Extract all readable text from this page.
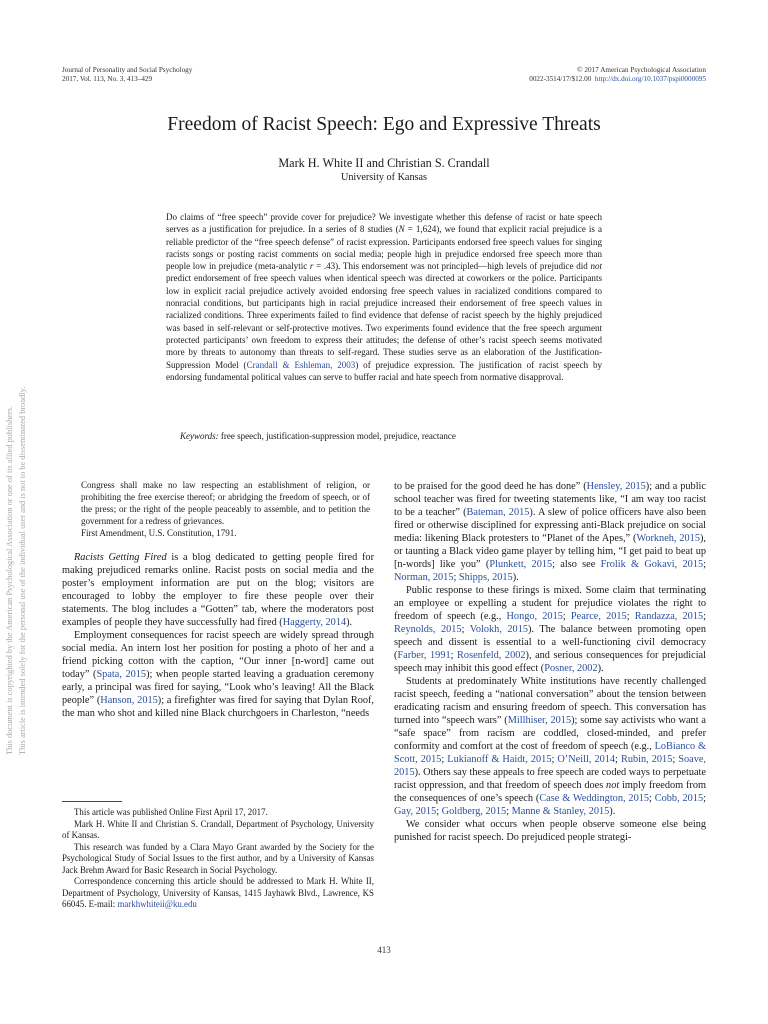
Journal of Personality and Social Psychology
2017, Vol. 113, No. 3, 413–429
© 2017 American Psychological Association
0022-3514/17/$12.00 http://dx.doi.org/10.1037/pspi0000095
Freedom of Racist Speech: Ego and Expressive Threats
Mark H. White II and Christian S. Crandall
University of Kansas
Do claims of “free speech” provide cover for prejudice? We investigate whether this defense of racist or hate speech serves as a justification for prejudice. In a series of 8 studies (N = 1,624), we found that explicit racial prejudice is a reliable predictor of the “free speech defense” of racist expression. Participants endorsed free speech values for singing racists songs or posting racist comments on social media; people high in prejudice endorsed free speech more than people low in prejudice (meta-analytic r = .43). This endorsement was not principled—high levels of prejudice did not predict endorsement of free speech values when identical speech was directed at coworkers or the police. Participants low in explicit racial prejudice actively avoided endorsing free speech values in racialized conditions compared to nonracial conditions, but participants high in racial prejudice increased their endorsement of free speech values in racialized conditions. Three experiments failed to find evidence that defense of racist speech by the highly prejudiced was based in self-relevant or self-protective motives. Two experiments found evidence that the free speech argument protected participants’ own freedom to express their attitudes; the defense of other’s racist speech seems motivated more by threats to autonomy than threats to self-regard. These studies serve as an elaboration of the Justification-Suppression Model (Crandall & Eshleman, 2003) of prejudice expression. The justification of racist speech by endorsing fundamental political values can serve to buffer racial and hate speech from normative disapproval.
Keywords: free speech, justification-suppression model, prejudice, reactance
This document is copyrighted by the American Psychological Association or one of its allied publishers. This article is intended solely for the personal use of the individual user and is not to be disseminated broadly.	Congress shall make no law respecting an establishment of religion, or prohibiting the free exercise thereof; or abridging the freedom of speech, or of the press; or the right of the people peaceably to assemble, and to petition the government for a redress of grievances.
First Amendment, U.S. Constitution, 1791.

Racists Getting Fired is a blog dedicated to getting people fired for making prejudiced remarks online. Racist posts on social media and the poster’s employment information are put on the blog; visitors are encouraged to lobby the employer to fire these people over their statements. The blog includes a “Gotten” tab, where the moderators post examples of people they have successfully had fired (Haggerty, 2014).

Employment consequences for racist speech are widely spread through social media. An intern lost her position for posting a photo of her and a friend picking cotton with the caption, “Our inner [n-word] came out today” (Spata, 2015); when people started leaving a graduation ceremony early, a principal was fired for saying, “Look who’s leaving! All the Black people” (Hanson, 2015); a firefighter was fired for saying that Dylan Roof, the man who shot and killed nine Black churchgoers in Charleston, “needs

This article was published Online First April 17, 2017.

Mark H. White II and Christian S. Crandall, Department of Psychology, University of Kansas.

This research was funded by a Clara Mayo Grant awarded by the Society for the Psychological Study of Social Issues to the first author, and by a University of Kansas Jack Brehm Award for Basic Research in Social Psychology.

Correspondence concerning this article should be addressed to Mark H. White II, Department of Psychology, University of Kansas, 1415 Jayhawk Blvd., Lawrence, KS 66045. E-mail: markhwhiteii@ku.edu

to be praised for the good deed he has done” (Hensley, 2015); and a public school teacher was fired for tweeting statements like, “I am way too racist to be a teacher” (Bateman, 2015). A slew of police officers have also been fired or otherwise disciplined for expressing anti-Black prejudice on social media: likening Black protesters to “Planet of the Apes,” (Workneh, 2015), or taunting a Black video game player by telling him, “I get paid to beat up [n-words] like you” (Plunkett, 2015; also see Frolik & Gokavi, 2015; Norman, 2015; Shipps, 2015).

Public response to these firings is mixed. Some claim that terminating an employee or expelling a student for prejudice violates the right to freedom of speech (e.g., Hongo, 2015; Pearce, 2015; Randazza, 2015; Reynolds, 2015; Volokh, 2015). The balance between promoting open speech and dissent is essential to a well-functioning civil democracy (Farber, 1991; Rosenfeld, 2002), and serious consequences for prejudicial speech may inhibit this good effect (Posner, 2002).

Students at predominately White institutions have recently challenged racist speech, feeding a “national conversation” about the tension between eradicating racism and ensuring freedom of speech. This conversation has turned into “speech wars” (Millhiser, 2015); some say activists who want a “safe space” from racism are coddled, closed-minded, and prefer conformity and comfort at the cost of freedom of speech (e.g., LoBianco & Scott, 2015; Lukianoff & Haidt, 2015; O’Neill, 2014; Rubin, 2015; Soave, 2015). Others say these appeals to free speech are coded ways to perpetuate racist oppression, and that freedom of speech does not imply freedom from the consequences of one’s speech (Case & Weddington, 2015; Cobb, 2015; Gay, 2015; Goldberg, 2015; Manne & Stanley, 2015).

We consider what occurs when people observe someone else being punished for racist speech. Do prejudiced people strategi-

413
